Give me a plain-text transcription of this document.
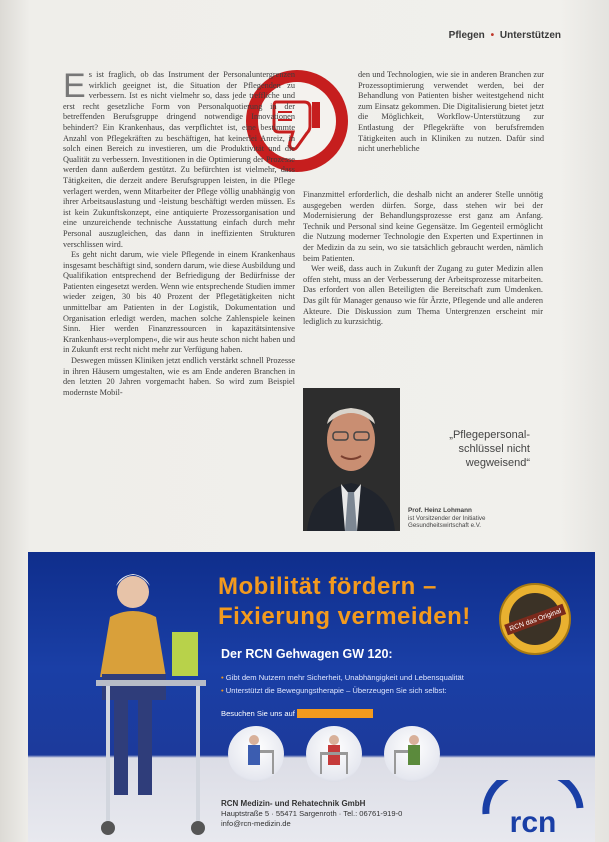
Pflegen • Unterstützen
E s ist fraglich, ob das Instrument der Personaluntergrenzen wirklich geeignet ist, die Situation der Pflegenden zu verbessern. Ist es nicht vielmehr so, dass jede treffliche und erst recht gesetzliche Form von Personalquotierung in der betreffenden Berufsgruppe dringend notwendige Innovationen behindert? Ein Krankenhaus, das verpflichtet ist, eine bestimmte Anzahl von Pflegekräften zu beschäftigen, hat keinerlei Anreiz, in solch einen Bereich zu investieren, um die Produktivität und die Qualität zu verbessern. Investitionen in die Optimierung der Prozesse werden dann außerdem gestützt. Zu befürchten ist vielmehr, dass Tätigkeiten, die derzeit andere Berufsgruppen leisten, in die Pflege verlagert werden, wenn Mitarbeiter der Pflege völlig unabhängig von ihrer Arbeitsauslastung und -leistung beschäftigt werden müssen. Es ist kein Zukunftskonzept, eine antiquierte Prozessorganisation und eine unzureichende technische Ausstattung einfach durch mehr Personal auszugleichen, das dann in ineffizienten Strukturen verschlissen wird.

Es geht nicht darum, wie viele Pflegende in einem Krankenhaus insgesamt beschäftigt sind, sondern darum, wie diese Ausbildung und Qualifikation entsprechend der Befriedigung der Bedürfnisse der Patienten eingesetzt werden. Wenn wie entsprechende Studien immer wieder zeigen, 30 bis 40 Prozent der Pflegetätigkeiten nicht unmittelbar am Patienten in der Logistik, Dokumentation und Organisation erledigt werden, machen solche Zahlenspiele keinen Sinn. Hier werden Finanzressourcen in kapazitätsintensive Krankenhaus-»verplompen«, die wir aus heute schon nicht haben und in Zukunft erst recht nicht mehr zur Verfügung haben.

Deswegen müssen Kliniken jetzt endlich verstärkt schnell Prozesse in ihren Häusern umgestalten, wie es am Ende anderen Branchen in den letzten 20 Jahren vorgemacht haben. So wird zum Beispiel modernste Mobil-

den und Technologien, wie sie in anderen Branchen zur Prozessoptimierung verwendet werden, bei der Behandlung von Patienten bisher weitestgehend nicht zum Einsatz gekommen. Die Digitalisierung bietet jetzt die Möglichkeit, Workflow-Unterstützung zur Entlastung der Pflegekräfte von berufsfremden Tätigkeiten auch in Kliniken zu nutzen. Dafür sind nicht unerhebliche

Finanzmittel erforderlich, die deshalb nicht an anderer Stelle unnötig ausgegeben werden dürfen. Sorge, dass stehen wir bei der Modernisierung der Behandlungsprozesse erst ganz am Anfang. Technik und Personal sind keine Gegensätze. Im Gegenteil ermöglicht die Nutzung moderner Technologie den Experten und Expertinnen in der Medizin da zu sein, wo sie tatsächlich gebraucht werden, nämlich beim Patienten.

Wer weiß, dass auch in Zukunft der Zugang zu guter Medizin allen offen steht, muss an der Verbesserung der Arbeitsprozesse mitarbeiten. Das erfordert von allen Beteiligten die Bereitschaft zum Umdenken. Das gilt für Manager genauso wie für Ärzte, Pflegende und alle anderen Akteure. Die Diskussion zum Thema Untergrenzen erscheint mir lediglich zu kurzsichtig.

„Pflegepersonal-schlüssel nicht wegweisend“
Prof. Heinz Lohmann
ist Vorsitzender der Initiative
Gesundheitswirtschaft e.V.
Mobilität fördern –
Fixierung vermeiden!	RCN das Original
Der RCN Gehwagen GW 120:
• Gibt dem Nutzern mehr Sicherheit, Unabhängigkeit und Lebensqualität
• Unterstützt die Bewegungstherapie – Überzeugen Sie sich selbst:
Besuchen Sie uns auf www.rcn-medizin.de
RCN Medizin- und Rehatechnik GmbH
Hauptstraße 5 · 55471 Sargenroth · Tel.: 06761-919-0
info@rcn-medizin.de	rcn
